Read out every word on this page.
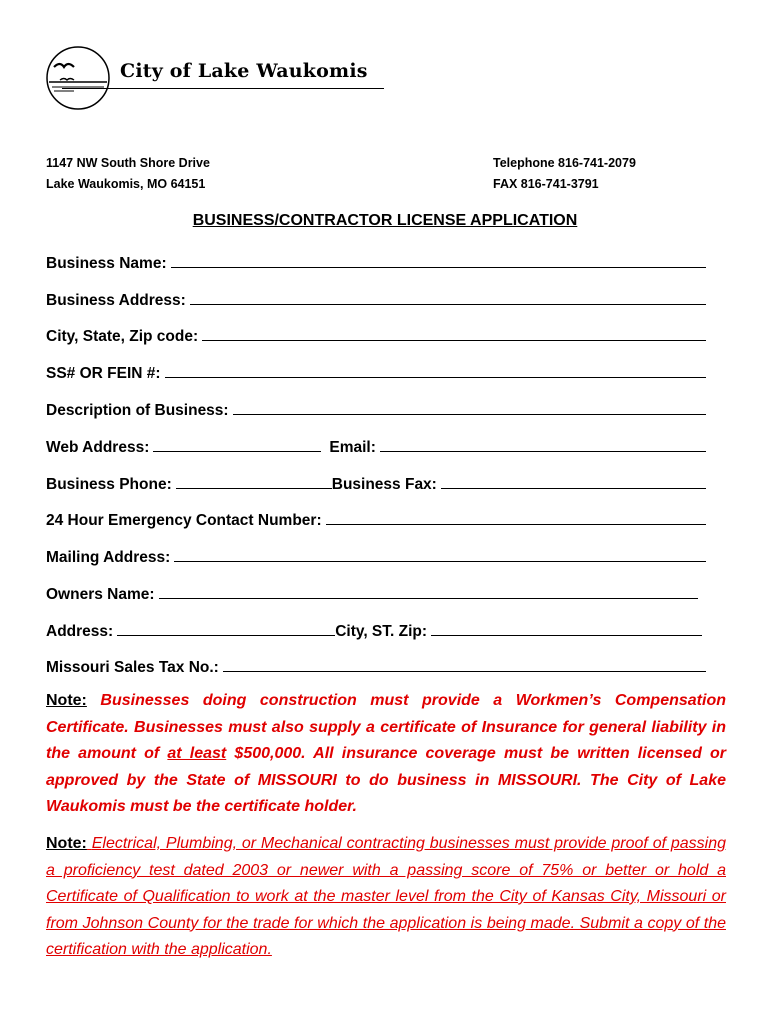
City of Lake Waukomis
1147 NW South Shore Drive
Lake Waukomis, MO 64151
Telephone 816-741-2079
FAX 816-741-3791
BUSINESS/CONTRACTOR LICENSE APPLICATION
Business Name:
Business Address:
City, State, Zip code:
SS# OR FEIN #:
Description of Business:
Web Address:	Email:
Business Phone:	Business Fax:
24 Hour Emergency Contact Number:
Mailing Address:
Owners Name:
Address:	City, ST. Zip:
Missouri Sales Tax No.:
Note: Businesses doing construction must provide a Workmen’s Compensation Certificate. Businesses must also supply a certificate of Insurance for general liability in the amount of at least $500,000. All insurance coverage must be written licensed or approved by the State of MISSOURI to do business in MISSOURI. The City of Lake Waukomis must be the certificate holder.
Note: Electrical, Plumbing, or Mechanical contracting businesses must provide proof of passing a proficiency test dated 2003 or newer with a passing score of 75% or better or hold a Certificate of Qualification to work at the master level from the City of Kansas City, Missouri or from Johnson County for the trade for which the application is being made. Submit a copy of the certification with the application.
